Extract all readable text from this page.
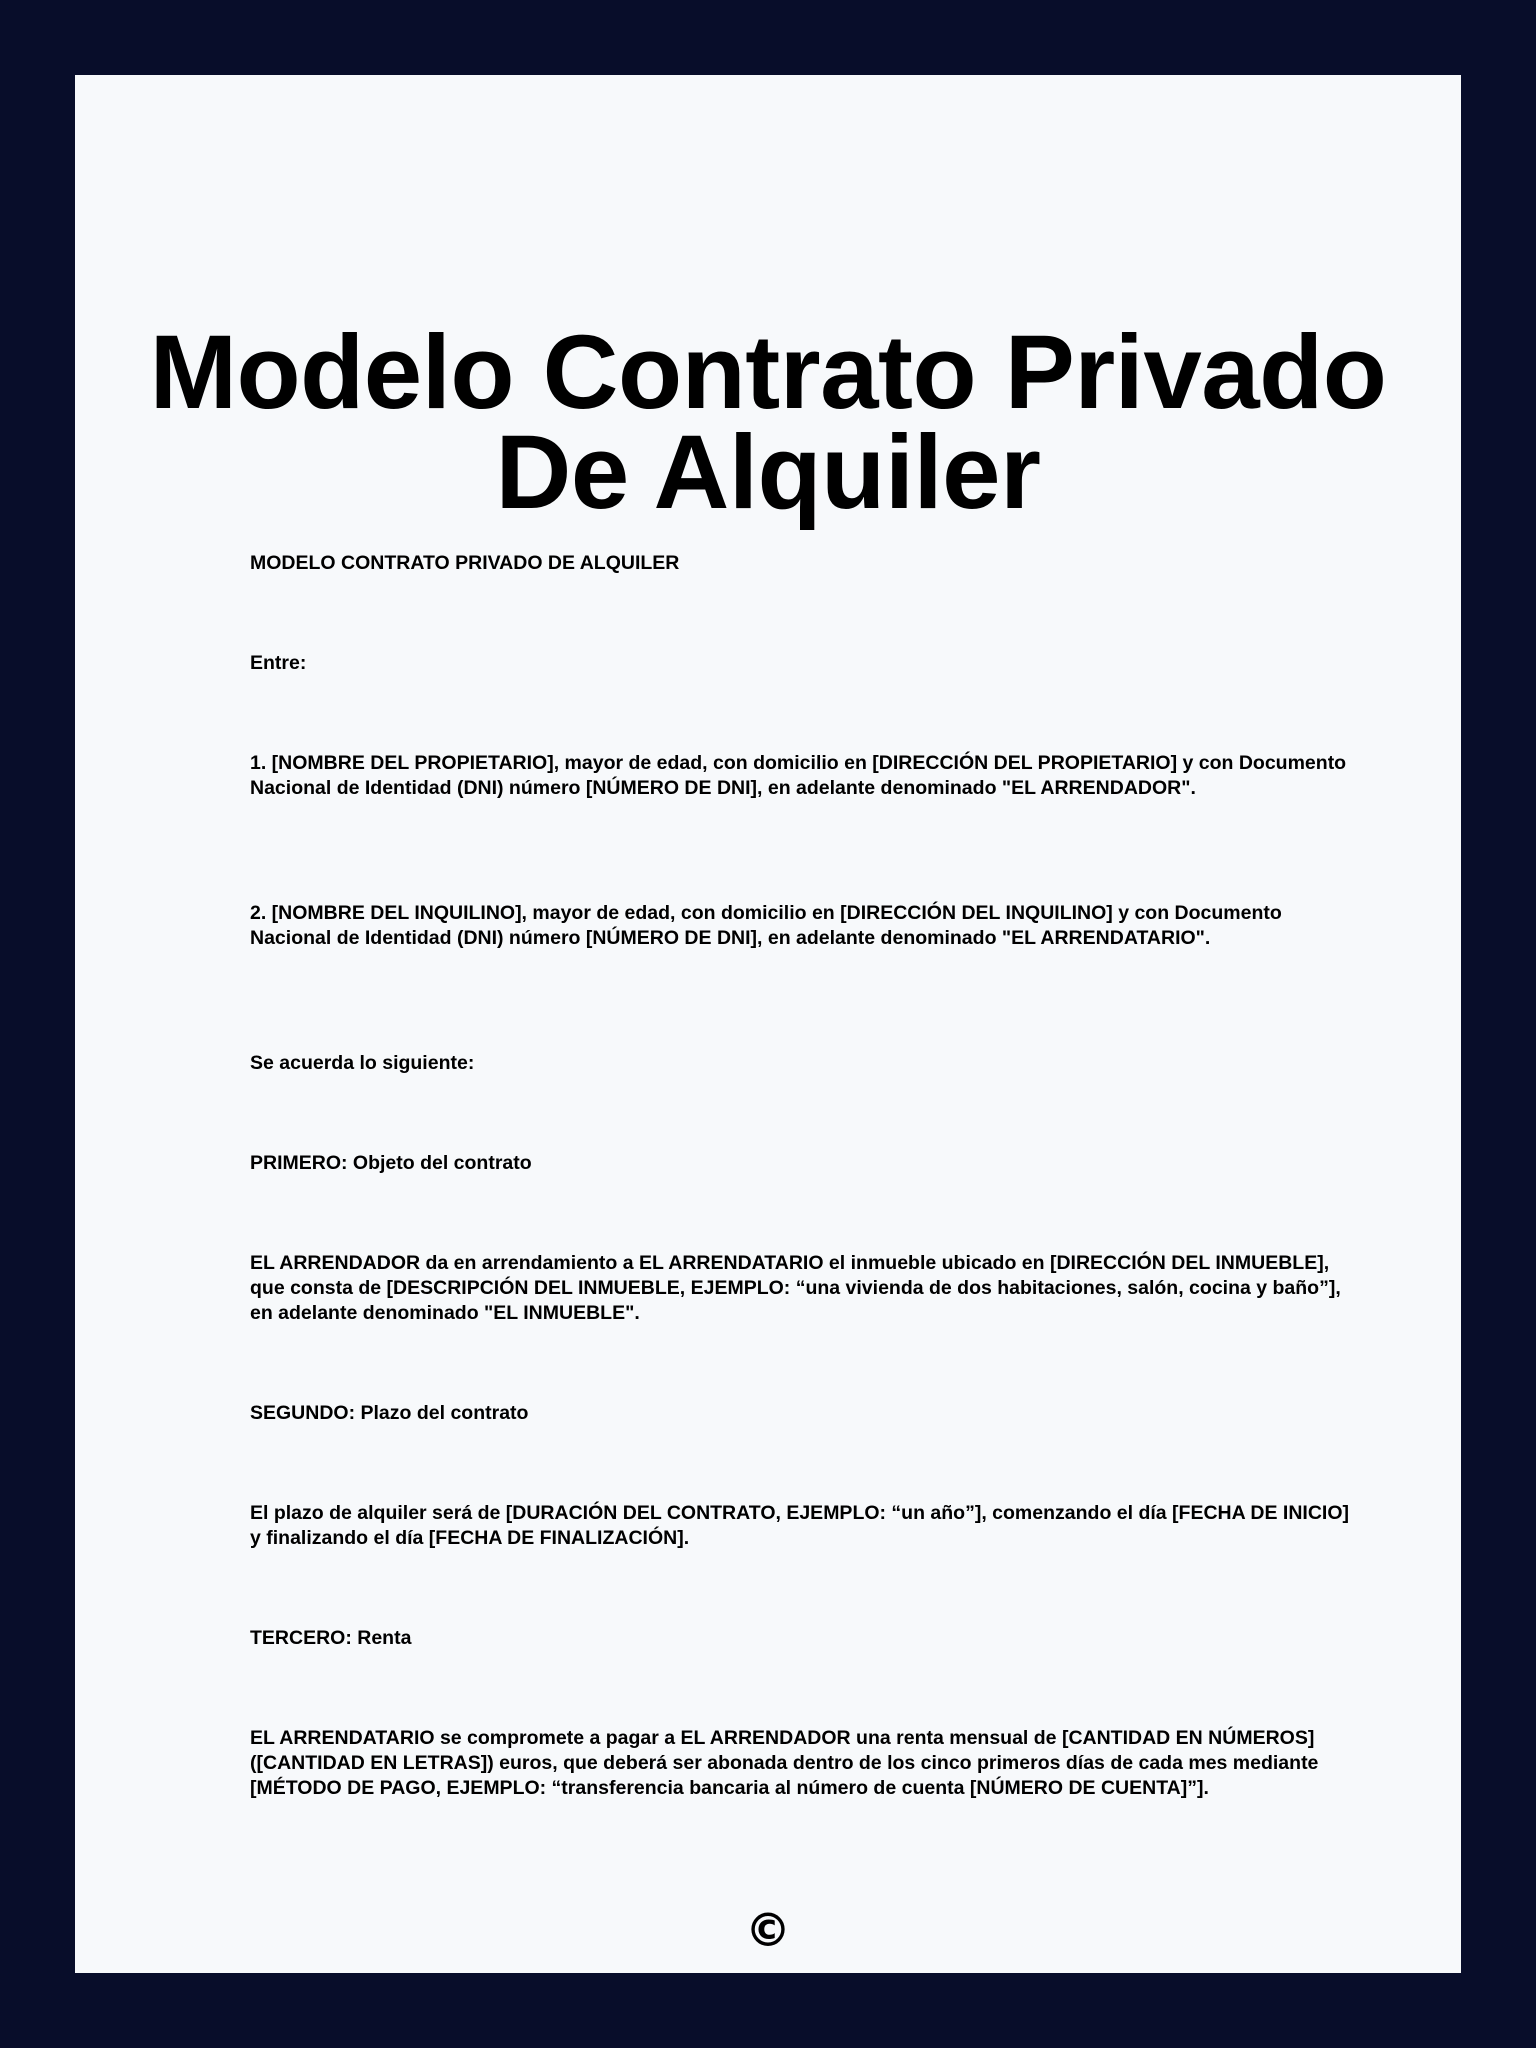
Modelo Contrato Privado De Alquiler

MODELO CONTRATO PRIVADO DE ALQUILER

Entre:

1. [NOMBRE DEL PROPIETARIO], mayor de edad, con domicilio en [DIRECCIÓN DEL PROPIETARIO] y con Documento Nacional de Identidad (DNI) número [NÚMERO DE DNI], en adelante denominado "EL ARRENDADOR".

2. [NOMBRE DEL INQUILINO], mayor de edad, con domicilio en [DIRECCIÓN DEL INQUILINO] y con Documento Nacional de Identidad (DNI) número [NÚMERO DE DNI], en adelante denominado "EL ARRENDATARIO".

Se acuerda lo siguiente:

PRIMERO: Objeto del contrato

EL ARRENDADOR da en arrendamiento a EL ARRENDATARIO el inmueble ubicado en [DIRECCIÓN DEL INMUEBLE], que consta de [DESCRIPCIÓN DEL INMUEBLE, EJEMPLO: “una vivienda de dos habitaciones, salón, cocina y baño”], en adelante denominado "EL INMUEBLE".

SEGUNDO: Plazo del contrato

El plazo de alquiler será de [DURACIÓN DEL CONTRATO, EJEMPLO: “un año”], comenzando el día [FECHA DE INICIO] y finalizando el día [FECHA DE FINALIZACIÓN].

TERCERO: Renta

EL ARRENDATARIO se compromete a pagar a EL ARRENDADOR una renta mensual de [CANTIDAD EN NÚMEROS] ([CANTIDAD EN LETRAS]) euros, que deberá ser abonada dentro de los cinco primeros días de cada mes mediante [MÉTODO DE PAGO, EJEMPLO: “transferencia bancaria al número de cuenta [NÚMERO DE CUENTA]”].

©
